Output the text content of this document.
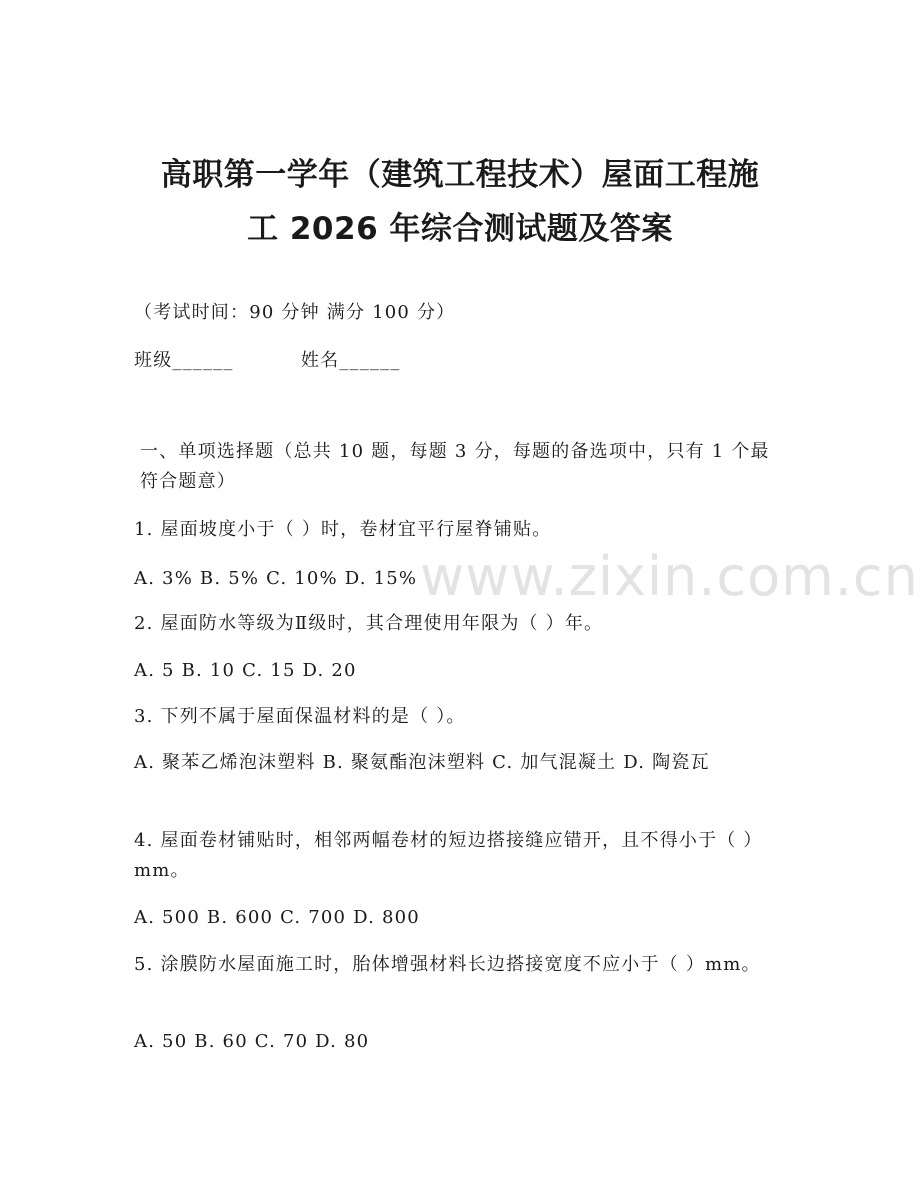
www.zixin.com.cn
高职第一学年（建筑工程技术）屋面工程施
工 2026 年综合测试题及答案
（考试时间：90 分钟 满分 100 分）
班级______	姓名______
一、单项选择题（总共 10 题，每题 3 分，每题的备选项中，只有 1 个最符合题意）
1. 屋面坡度小于（ ）时，卷材宜平行屋脊铺贴。
A. 3% B. 5% C. 10% D. 15%
2. 屋面防水等级为Ⅱ级时，其合理使用年限为（ ）年。
A. 5 B. 10 C. 15 D. 20
3. 下列不属于屋面保温材料的是（ ）。
A. 聚苯乙烯泡沫塑料 B. 聚氨酯泡沫塑料 C. 加气混凝土 D. 陶瓷瓦
4. 屋面卷材铺贴时，相邻两幅卷材的短边搭接缝应错开，且不得小于（ ）mm。
A. 500 B. 600 C. 700 D. 800
5. 涂膜防水屋面施工时，胎体增强材料长边搭接宽度不应小于（ ）mm。
A. 50 B. 60 C. 70 D. 80
